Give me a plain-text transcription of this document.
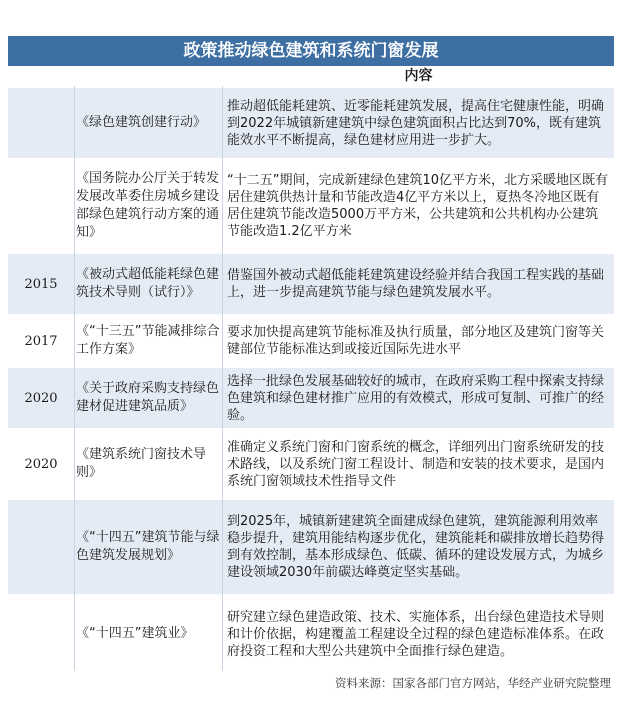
政策推动绿色建筑和系统门窗发展
内容
《绿色建筑创建行动》
推动超低能耗建筑、近零能耗建筑发展，提高住宅健康性能，明确到2022年城镇新建建筑中绿色建筑面积占比达到70%，既有建筑能效水平不断提高，绿色建材应用进一步扩大。
《国务院办公厅关于转发发展改革委住房城乡建设部绿色建筑行动方案的通知》
“十二五”期间，完成新建绿色建筑10亿平方米，北方采暖地区既有居住建筑供热计量和节能改造4亿平方米以上，夏热冬冷地区既有居住建筑节能改造5000万平方米，公共建筑和公共机构办公建筑节能改造1.2亿平方米
2015
《被动式超低能耗绿色建筑技术导则（试行）》
借鉴国外被动式超低能耗建筑建设经验并结合我国工程实践的基础上，进一步提高建筑节能与绿色建筑发展水平。
2017
《“十三五”节能减排综合工作方案》
要求加快提高建筑节能标准及执行质量，部分地区及建筑门窗等关键部位节能标准达到或接近国际先进水平
2020
《关于政府采购支持绿色建材促进建筑品质》
选择一批绿色发展基础较好的城市，在政府采购工程中探索支持绿色建筑和绿色建材推广应用的有效模式，形成可复制、可推广的经验。
2020
《建筑系统门窗技术导则》
准确定义系统门窗和门窗系统的概念，详细列出门窗系统研发的技术路线，以及系统门窗工程设计、制造和安装的技术要求，是国内系统门窗领域技术性指导文件
《“十四五”建筑节能与绿色建筑发展规划》
到2025年，城镇新建建筑全面建成绿色建筑，建筑能源利用效率稳步提升，建筑用能结构逐步优化，建筑能耗和碳排放增长趋势得到有效控制，基本形成绿色、低碳、循环的建设发展方式，为城乡建设领域2030年前碳达峰奠定坚实基础。
《“十四五”建筑业》
研究建立绿色建造政策、技术、实施体系，出台绿色建造技术导则和计价依据，构建覆盖工程建设全过程的绿色建造标准体系。在政府投资工程和大型公共建筑中全面推行绿色建造。
资料来源：国家各部门官方网站，华经产业研究院整理
